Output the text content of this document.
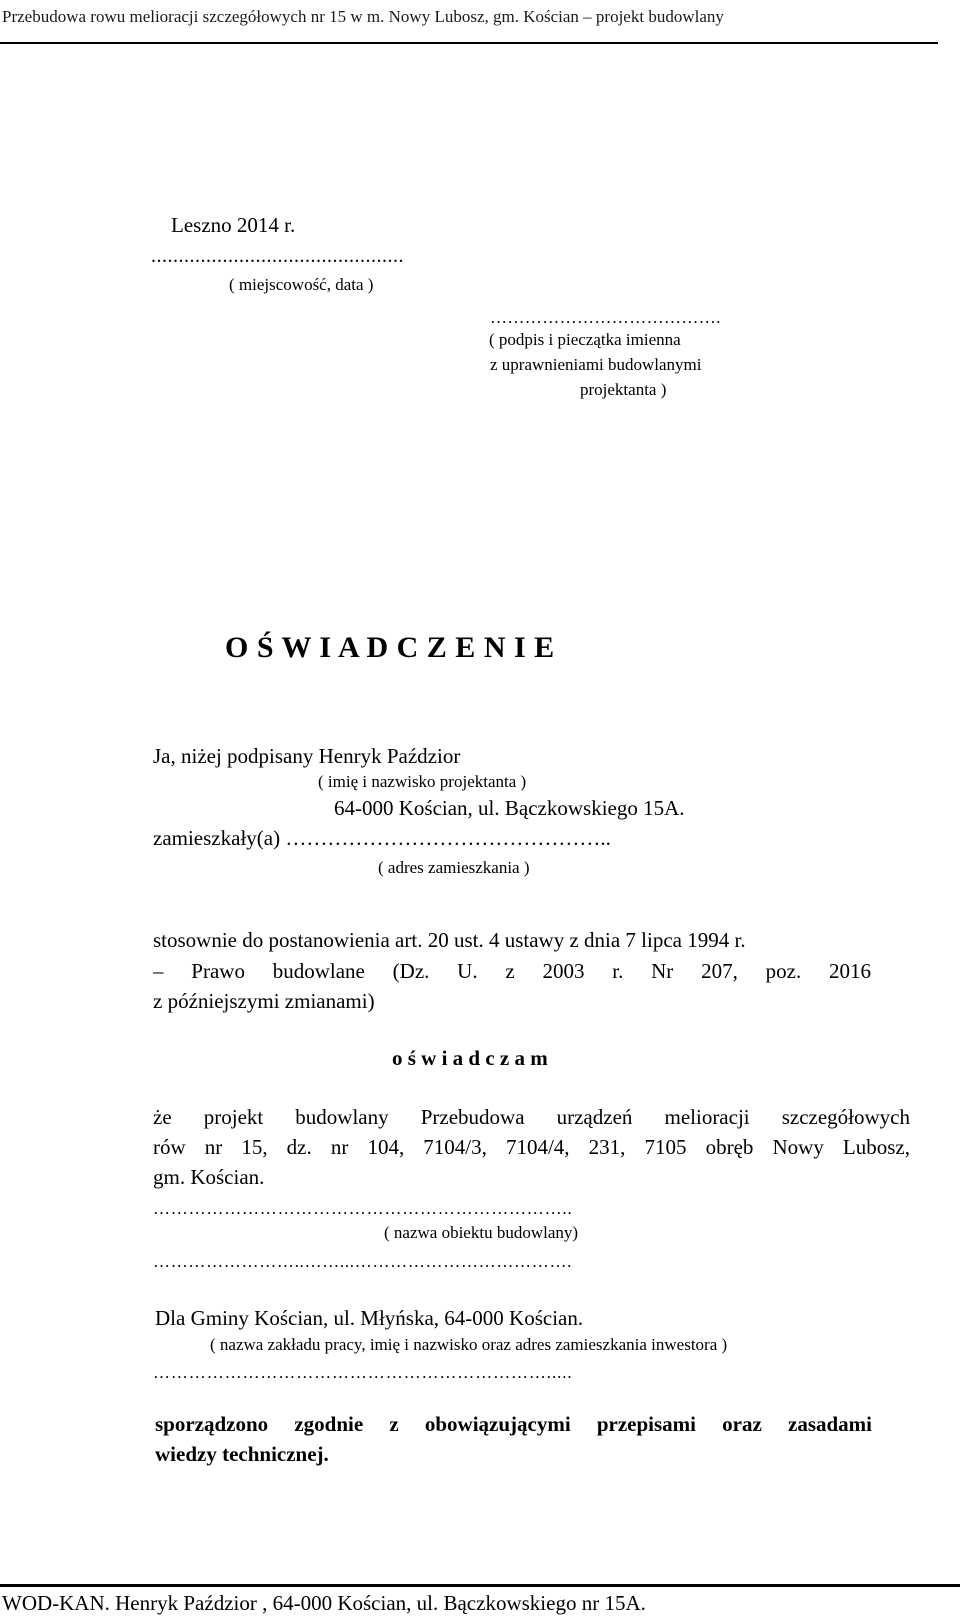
Przebudowa rowu melioracji szczegółowych nr 15 w m. Nowy Lubosz, gm. Kościan – projekt budowlany
Leszno 2014 r.
..............................................
( miejscowość, data )
………………………………….
( podpis i pieczątka imienna
z uprawnieniami budowlanymi
projektanta )
O Ś W I A D C Z E N I E
Ja, niżej podpisany Henryk Paździor
( imię i nazwisko projektanta )
64-000 Kościan, ul. Bączkowskiego 15A.
zamieszkały(a) ………………………………………..
( adres zamieszkania )
stosownie do postanowienia art. 20 ust. 4 ustawy z dnia 7 lipca 1994 r.
– Prawo budowlane (Dz. U. z 2003 r. Nr 207, poz. 2016
z późniejszymi zmianami)
o ś w i a d c z a m
że projekt budowlany Przebudowa urządzeń melioracji szczegółowych
rów nr 15, dz. nr 104, 7104/3, 7104/4, 231, 7105 obręb Nowy Lubosz,
gm. Kościan.
……………………………………………………………..
( nazwa obiektu budowlany)
……………………..……...……………………………….
Dla Gminy Kościan, ul. Młyńska, 64-000 Kościan.
( nazwa zakładu pracy, imię i nazwisko oraz adres zamieszkania inwestora )
………………………………………………………….....
sporządzono zgodnie z obowiązującymi przepisami oraz zasadami
wiedzy technicznej.
WOD-KAN. Henryk Paździor , 64-000 Kościan, ul. Bączkowskiego nr 15A.
